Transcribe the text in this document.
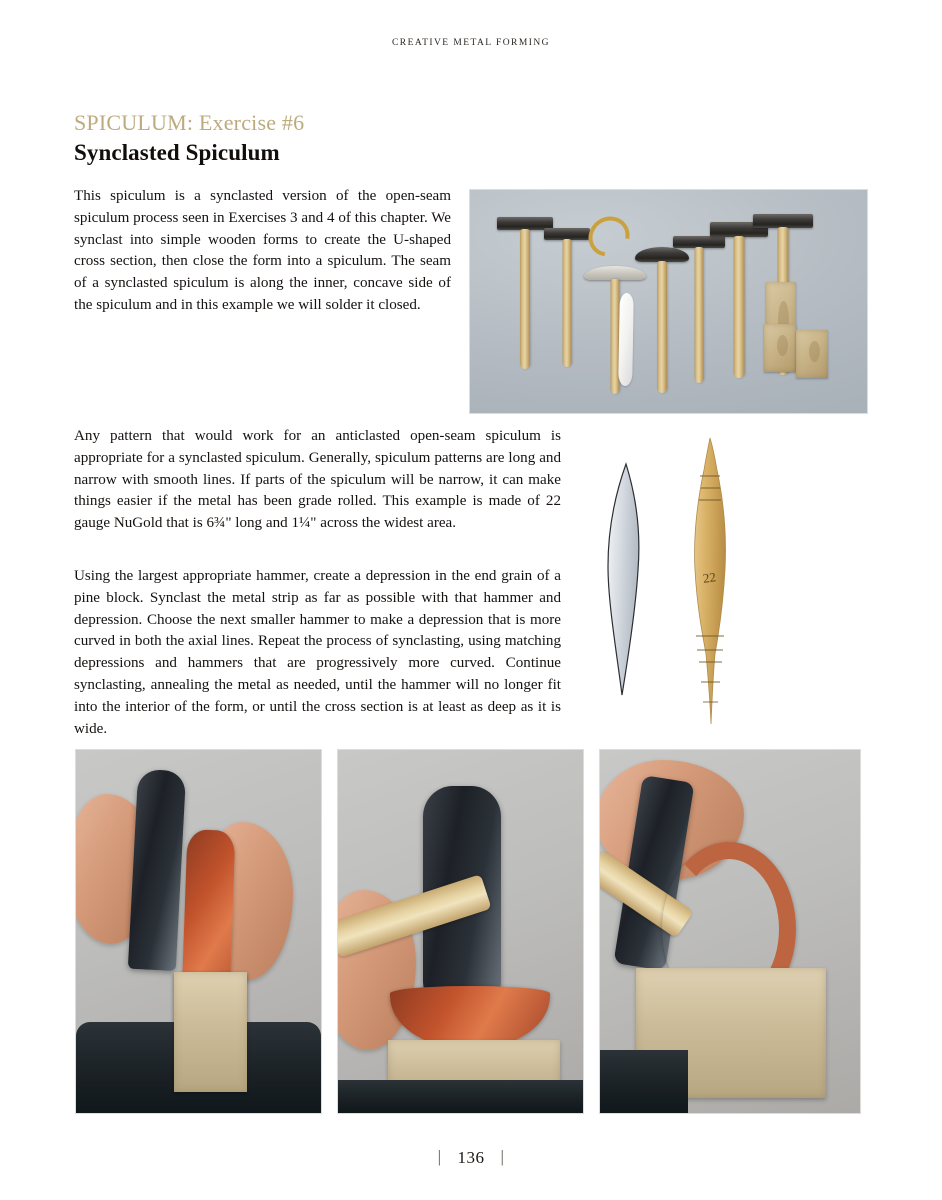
CREATIVE METAL FORMING
SPICULUM: Exercise #6
Synclasted Spiculum
This spiculum is a synclasted version of the open-seam spiculum process seen in Exercises 3 and 4 of this chapter. We synclast into simple wooden forms to create the U-shaped cross section, then close the form into a spiculum. The seam of a synclasted spiculum is along the inner, concave side of the spiculum and in this example we will solder it closed.
Any pattern that would work for an anticlasted open-seam spiculum is appropriate for a synclasted spiculum. Generally, spiculum patterns are long and narrow with smooth lines. If parts of the spiculum will be narrow, it can make things easier if the metal has been grade rolled. This example is made of 22 gauge NuGold that is 6¾" long and 1¼" across the widest area.
Using the largest appropriate hammer, create a depression in the end grain of a pine block. Synclast the metal strip as far as possible with that hammer and depression. Choose the next smaller hammer to make a depression that is more curved in both the axial lines. Repeat the process of synclasting, using matching depressions and hammers that are progressively more curved. Continue synclasting, annealing the metal as needed, until the hammer will no longer fit into the interior of the form, or until the cross section is at least as deep as it is wide.
22
| 136 |
